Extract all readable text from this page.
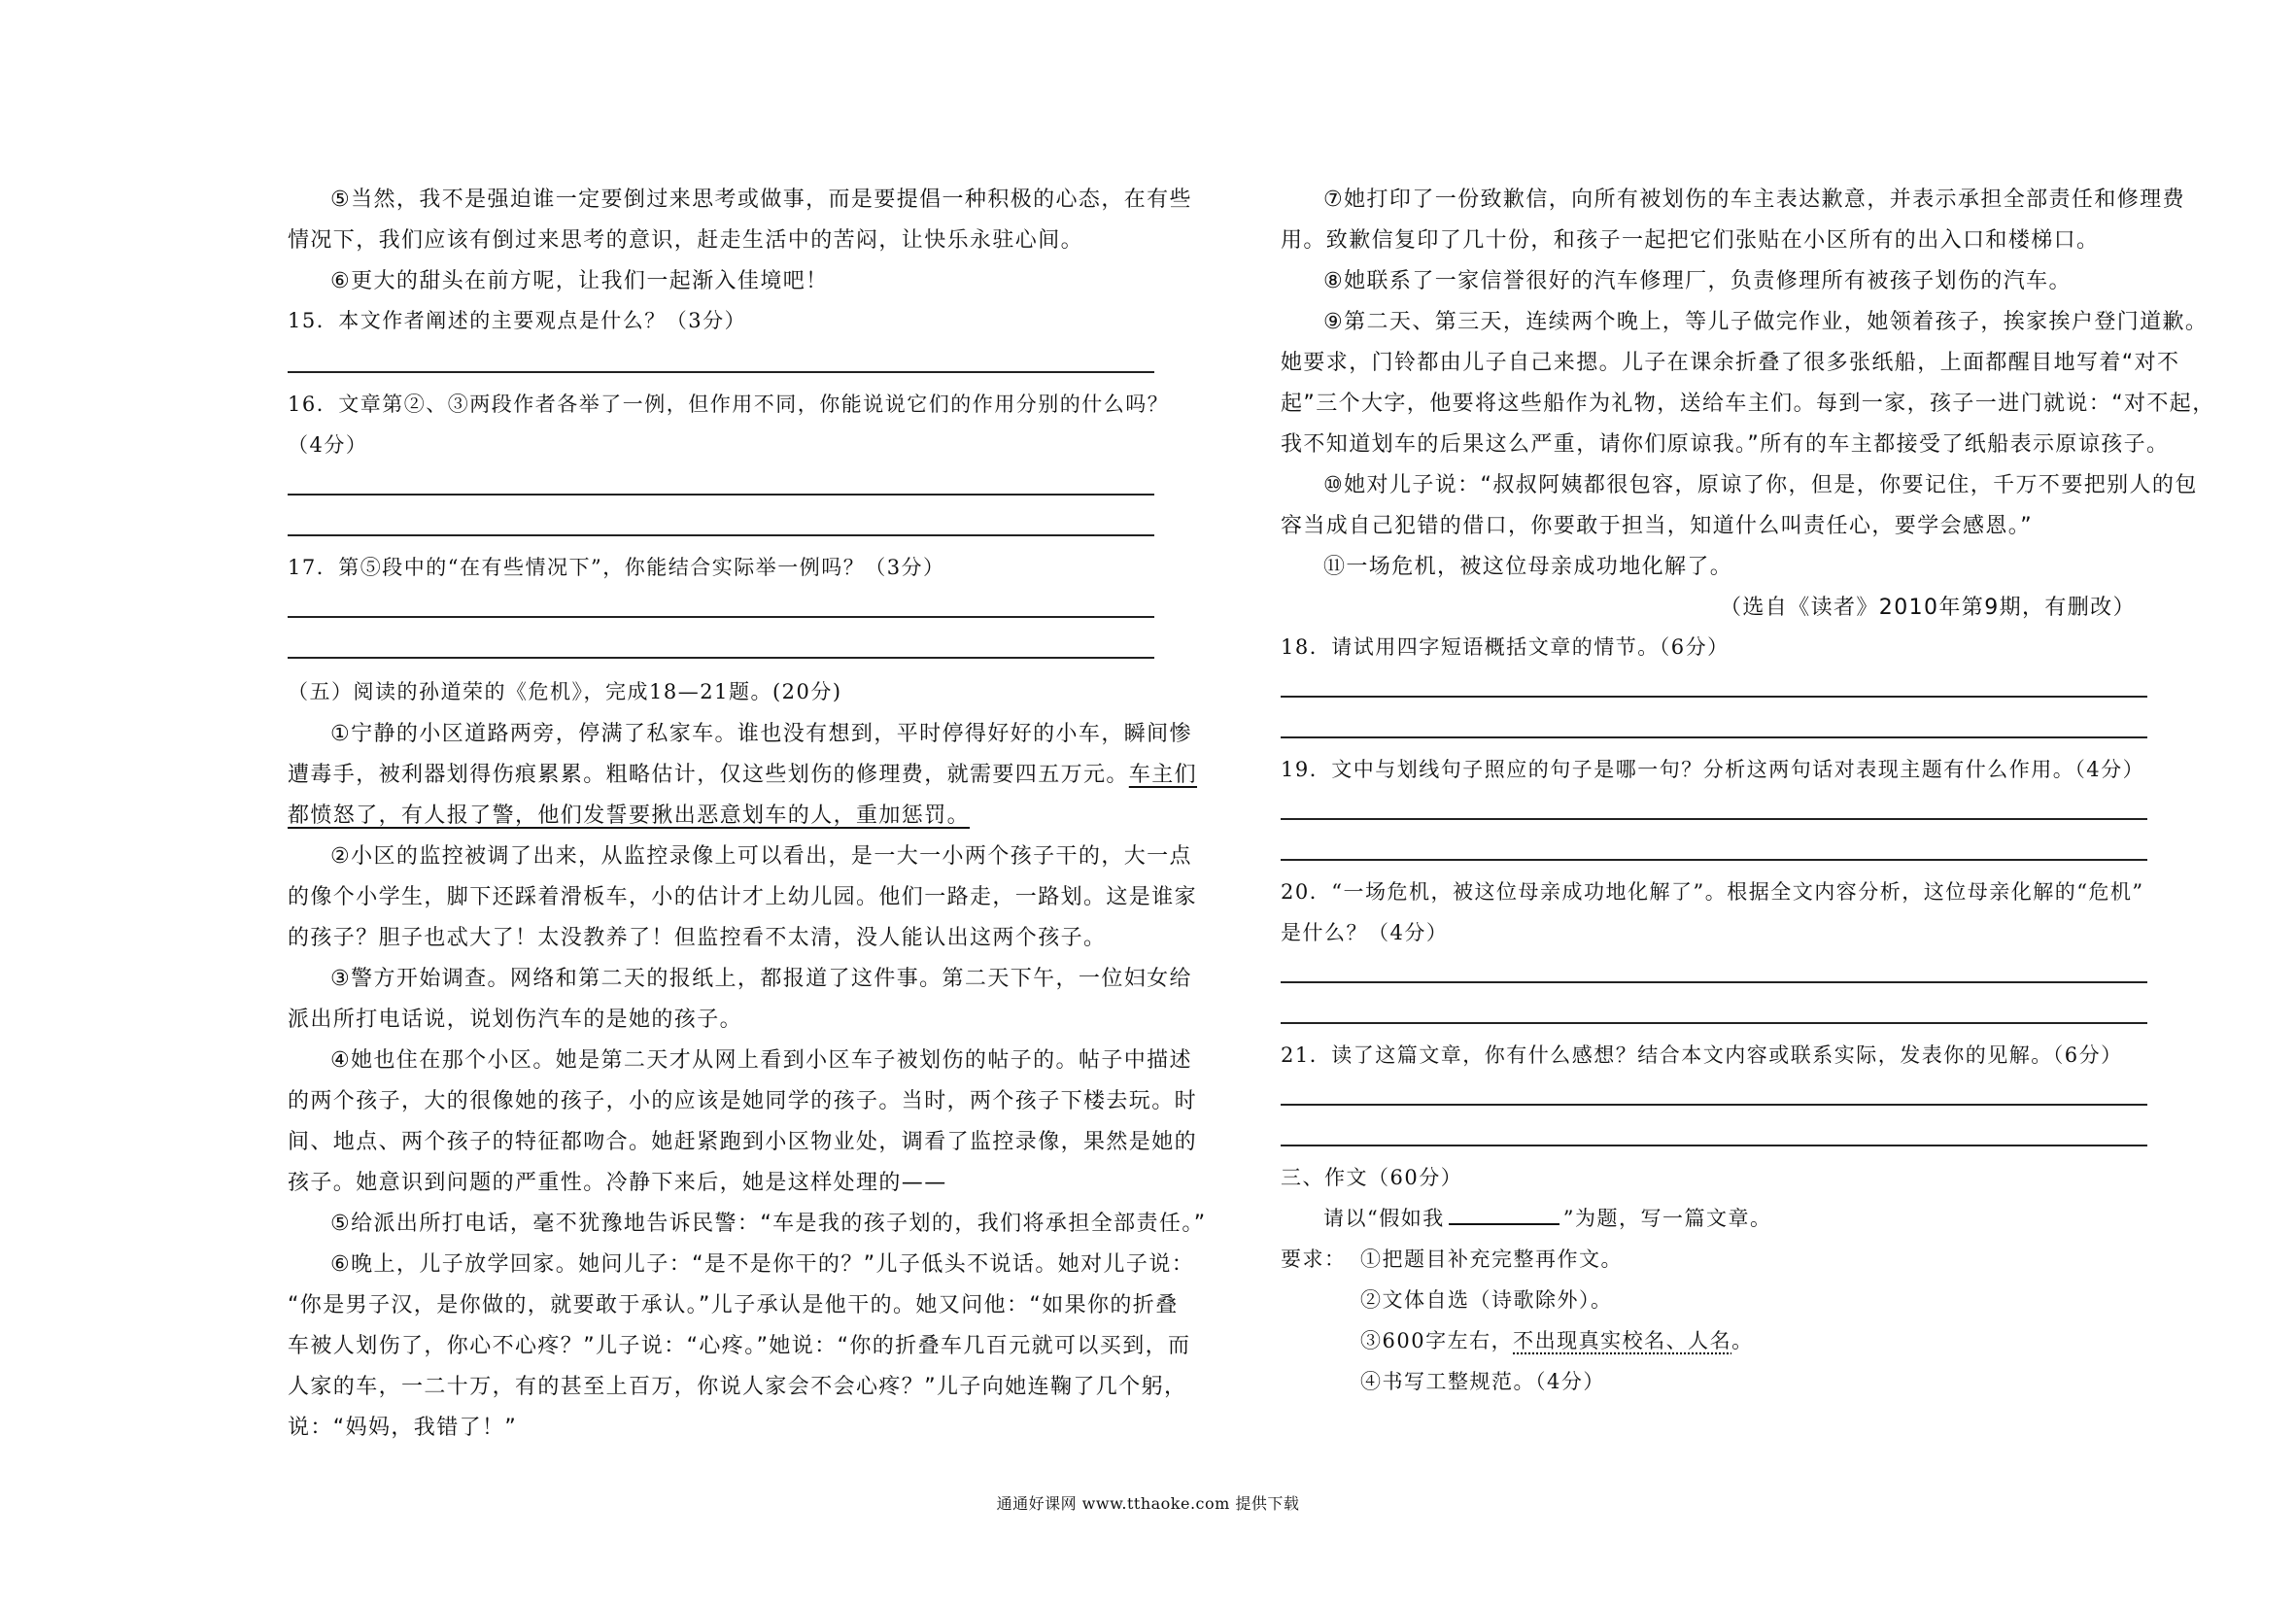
⑤当然，我不是强迫谁一定要倒过来思考或做事，而是要提倡一种积极的心态，在有些
情况下，我们应该有倒过来思考的意识，赶走生活中的苦闷，让快乐永驻心间。
⑥更大的甜头在前方呢，让我们一起渐入佳境吧！
15．本文作者阐述的主要观点是什么？（3分）
16．文章第②、③两段作者各举了一例，但作用不同，你能说说它们的作用分别的什么吗？
（4分）
17．第⑤段中的“在有些情况下”，你能结合实际举一例吗？（3分）
（五）阅读的孙道荣的《危机》，完成18—21题。(20分)
①宁静的小区道路两旁，停满了私家车。谁也没有想到，平时停得好好的小车，瞬间惨
遭毒手，被利器划得伤痕累累。粗略估计，仅这些划伤的修理费，就需要四五万元。车主们
都愤怒了，有人报了警，他们发誓要揪出恶意划车的人，重加惩罚。
②小区的监控被调了出来，从监控录像上可以看出，是一大一小两个孩子干的，大一点
的像个小学生，脚下还踩着滑板车，小的估计才上幼儿园。他们一路走，一路划。这是谁家
的孩子？胆子也忒大了！太没教养了！但监控看不太清，没人能认出这两个孩子。
③警方开始调查。网络和第二天的报纸上，都报道了这件事。第二天下午，一位妇女给
派出所打电话说，说划伤汽车的是她的孩子。
④她也住在那个小区。她是第二天才从网上看到小区车子被划伤的帖子的。帖子中描述
的两个孩子，大的很像她的孩子，小的应该是她同学的孩子。当时，两个孩子下楼去玩。时
间、地点、两个孩子的特征都吻合。她赶紧跑到小区物业处，调看了监控录像，果然是她的
孩子。她意识到问题的严重性。冷静下来后，她是这样处理的——
⑤给派出所打电话，毫不犹豫地告诉民警：“车是我的孩子划的，我们将承担全部责任。”
⑥晚上，儿子放学回家。她问儿子：“是不是你干的？”儿子低头不说话。她对儿子说：
“你是男子汉，是你做的，就要敢于承认。”儿子承认是他干的。她又问他：“如果你的折叠
车被人划伤了，你心不心疼？”儿子说：“心疼。”她说：“你的折叠车几百元就可以买到，而
人家的车，一二十万，有的甚至上百万，你说人家会不会心疼？”儿子向她连鞠了几个躬，
说：“妈妈，我错了！”
⑦她打印了一份致歉信，向所有被划伤的车主表达歉意，并表示承担全部责任和修理费
用。致歉信复印了几十份，和孩子一起把它们张贴在小区所有的出入口和楼梯口。
⑧她联系了一家信誉很好的汽车修理厂，负责修理所有被孩子划伤的汽车。
⑨第二天、第三天，连续两个晚上，等儿子做完作业，她领着孩子，挨家挨户登门道歉。
她要求，门铃都由儿子自己来摁。儿子在课余折叠了很多张纸船，上面都醒目地写着“对不
起”三个大字，他要将这些船作为礼物，送给车主们。每到一家，孩子一进门就说：“对不起，
我不知道划车的后果这么严重，请你们原谅我。”所有的车主都接受了纸船表示原谅孩子。
⑩她对儿子说：“叔叔阿姨都很包容，原谅了你，但是，你要记住，千万不要把别人的包
容当成自己犯错的借口，你要敢于担当，知道什么叫责任心，要学会感恩。”
⑪一场危机，被这位母亲成功地化解了。
（选自《读者》2010年第9期，有删改）
18．请试用四字短语概括文章的情节。（6分）
19．文中与划线句子照应的句子是哪一句？分析这两句话对表现主题有什么作用。（4分）
20．“一场危机，被这位母亲成功地化解了”。根据全文内容分析，这位母亲化解的“危机”
是什么？（4分）
21．读了这篇文章，你有什么感想？结合本文内容或联系实际，发表你的见解。（6分）
三、作文（60分）
请以“假如我	”为题，写一篇文章。
要求： ①把题目补充完整再作文。
②文体自选（诗歌除外）。
③600字左右，不出现真实校名、人名。
④书写工整规范。（4分）
通通好课网 www.tthaoke.com 提供下载
